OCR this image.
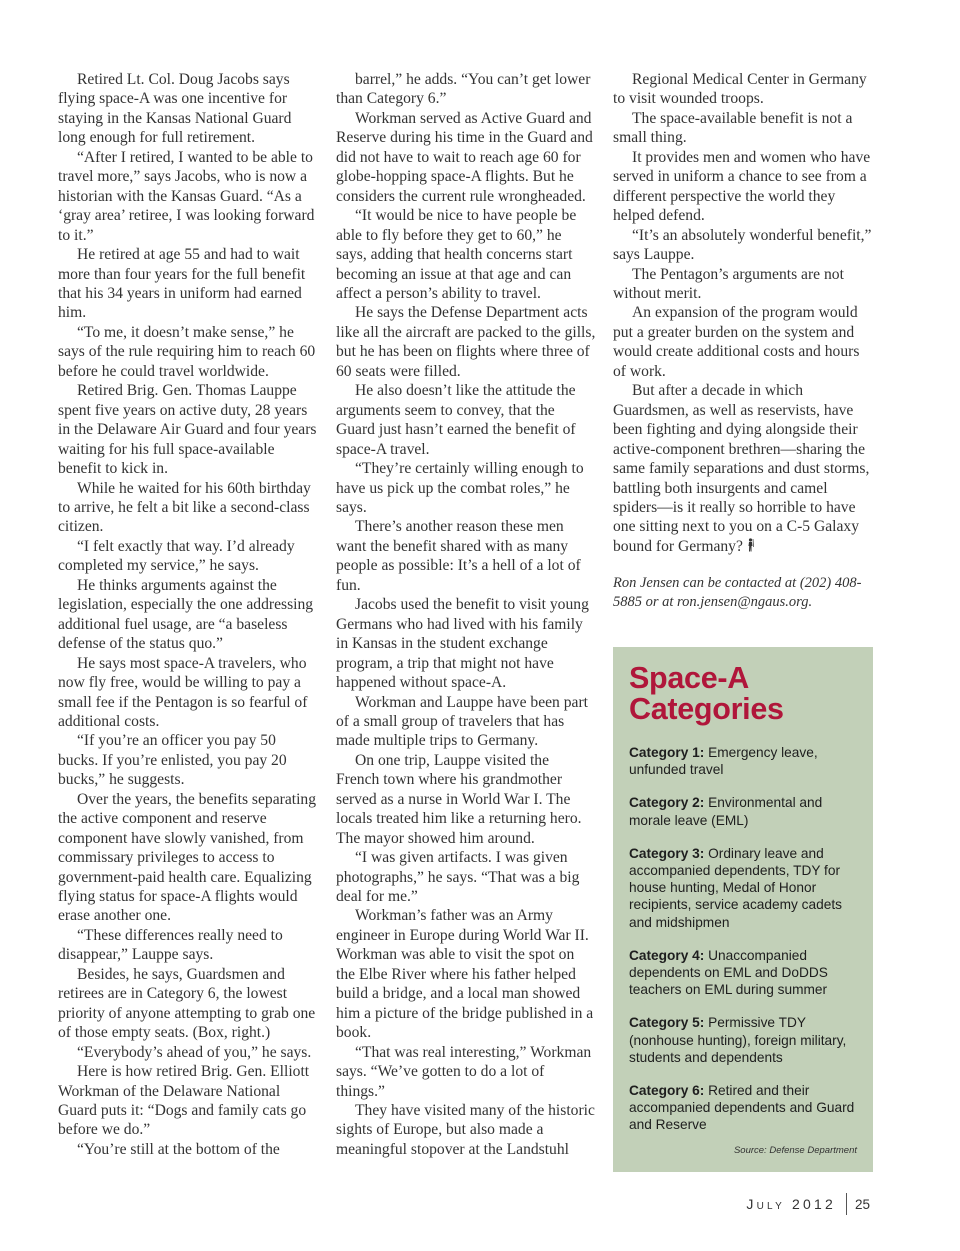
Retired Lt. Col. Doug Jacobs says flying space-A was one incentive for staying in the Kansas National Guard long enough for full retirement.

“After I retired, I wanted to be able to travel more,” says Jacobs, who is now a historian with the Kansas Guard. “As a ‘gray area’ retiree, I was looking forward to it.”

He retired at age 55 and had to wait more than four years for the full benefit that his 34 years in uniform had earned him.

“To me, it doesn’t make sense,” he says of the rule requiring him to reach 60 before he could travel worldwide.

Retired Brig. Gen. Thomas Lauppe spent five years on active duty, 28 years in the Delaware Air Guard and four years waiting for his full space-available benefit to kick in.

While he waited for his 60th birthday to arrive, he felt a bit like a second-class citizen.

“I felt exactly that way. I’d already completed my service,” he says.

He thinks arguments against the legislation, especially the one addressing additional fuel usage, are “a baseless defense of the status quo.”

He says most space-A travelers, who now fly free, would be willing to pay a small fee if the Pentagon is so fearful of additional costs.

“If you’re an officer you pay 50 bucks. If you’re enlisted, you pay 20 bucks,” he suggests.

Over the years, the benefits separating the active component and reserve component have slowly vanished, from commissary privileges to access to government-paid health care. Equalizing flying status for space-A flights would erase another one.

“These differences really need to disappear,” Lauppe says.

Besides, he says, Guardsmen and retirees are in Category 6, the lowest priority of anyone attempting to grab one of those empty seats. (Box, right.)

“Everybody’s ahead of you,” he says.

Here is how retired Brig. Gen. Elliott Workman of the Delaware National Guard puts it: “Dogs and family cats go before we do.”

“You’re still at the bottom of the

barrel,” he adds. “You can’t get lower than Category 6.”

Workman served as Active Guard and Reserve during his time in the Guard and did not have to wait to reach age 60 for globe-hopping space-A flights. But he considers the current rule wrongheaded.

“It would be nice to have people be able to fly before they get to 60,” he says, adding that health concerns start becoming an issue at that age and can affect a person’s ability to travel.

He says the Defense Department acts like all the aircraft are packed to the gills, but he has been on flights where three of 60 seats were filled.

He also doesn’t like the attitude the arguments seem to convey, that the Guard just hasn’t earned the benefit of space-A travel.

“They’re certainly willing enough to have us pick up the combat roles,” he says.

There’s another reason these men want the benefit shared with as many people as possible: It’s a hell of a lot of fun.

Jacobs used the benefit to visit young Germans who had lived with his family in Kansas in the student exchange program, a trip that might not have happened without space-A.

Workman and Lauppe have been part of a small group of travelers that has made multiple trips to Germany.

On one trip, Lauppe visited the French town where his grandmother served as a nurse in World War I. The locals treated him like a returning hero. The mayor showed him around.

“I was given artifacts. I was given photographs,” he says. “That was a big deal for me.”

Workman’s father was an Army engineer in Europe during World War II. Workman was able to visit the spot on the Elbe River where his father helped build a bridge, and a local man showed him a picture of the bridge published in a book.

“That was real interesting,” Workman says. “We’ve gotten to do a lot of things.”

They have visited many of the historic sights of Europe, but also made a meaningful stopover at the Landstuhl

Regional Medical Center in Germany to visit wounded troops.

The space-available benefit is not a small thing.

It provides men and women who have served in uniform a chance to see from a different perspective the world they helped defend.

“It’s an absolutely wonderful benefit,” says Lauppe.

The Pentagon’s arguments are not without merit.

An expansion of the program would put a greater burden on the system and would create additional costs and hours of work.

But after a decade in which Guardsmen, as well as reservists, have been fighting and dying alongside their active-component brethren—sharing the same family separations and dust storms, battling both insurgents and camel spiders—is it really so horrible to have one sitting next to you on a C-5 Galaxy bound for Germany?

Ron Jensen can be contacted at (202) 408-5885 or at ron.jensen@ngaus.org.

Space-A
Categories
Category 1: Emergency leave, unfunded travel
Category 2: Environmental and morale leave (EML)
Category 3: Ordinary leave and accompanied dependents, TDY for house hunting, Medal of Honor recipients, service academy cadets and midshipmen
Category 4: Unaccompanied dependents on EML and DoDDS teachers on EML during summer
Category 5: Permissive TDY (nonhouse hunting), foreign military, students and dependents
Category 6: Retired and their accompanied dependents and Guard and Reserve
Source: Defense Department
July 2012 25
